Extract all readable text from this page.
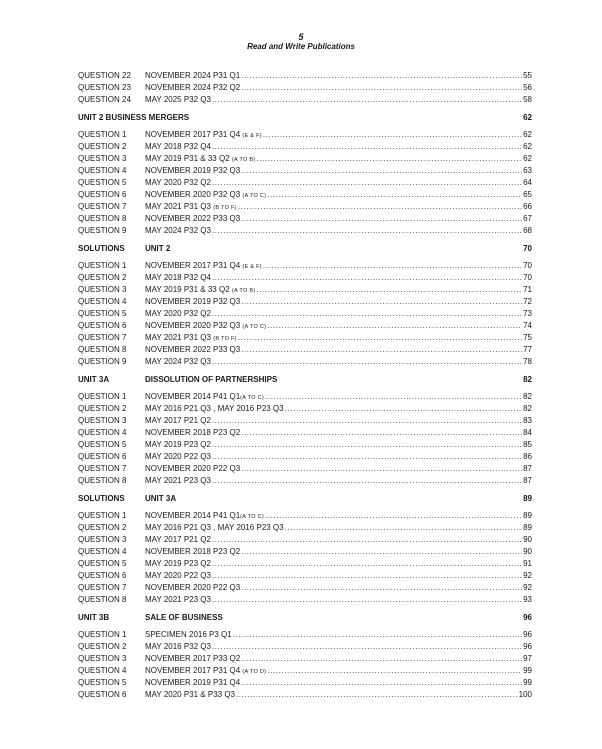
5
Read and Write Publications
QUESTION 22	NOVEMBER 2024 P31 Q1 .....	55
QUESTION 23	NOVEMBER 2024 P32 Q2 .....	56
QUESTION 24	MAY 2025 P32 Q3 .....	58
UNIT 2 BUSINESS MERGERS	62
QUESTION 1	NOVEMBER 2017 P31 Q4 (E & F) .....	62
QUESTION 2	MAY 2018 P32 Q4 .....	62
QUESTION 3	MAY 2019 P31 & 33 Q2 (A TO B) .....	62
QUESTION 4	NOVEMBER 2019 P32 Q3 .....	63
QUESTION 5	MAY 2020 P32 Q2 .....	64
QUESTION 6	NOVEMBER 2020 P32 Q3 (A TO C) .....	65
QUESTION 7	MAY 2021 P31 Q3 (B TO F) .....	66
QUESTION 8	NOVEMBER 2022 P33 Q3 .....	67
QUESTION 9	MAY 2024 P32 Q3 .....	68
SOLUTIONS	UNIT 2	70
QUESTION 1	NOVEMBER 2017 P31 Q4 (E & F) .....	70
QUESTION 2	MAY 2018 P32 Q4 .....	70
QUESTION 3	MAY 2019 P31 & 33 Q2 (A TO B) .....	71
QUESTION 4	NOVEMBER 2019 P32 Q3 .....	72
QUESTION 5	MAY 2020 P32 Q2 .....	73
QUESTION 6	NOVEMBER 2020 P32 Q3 (A TO C) .....	74
QUESTION 7	MAY 2021 P31 Q3 (B TO F) .....	75
QUESTION 8	NOVEMBER 2022 P33 Q3 .....	77
QUESTION 9	MAY 2024 P32 Q3 .....	78
UNIT 3A	DISSOLUTION OF PARTNERSHIPS	82
QUESTION 1	NOVEMBER 2014 P41 Q1(A TO C) .....	82
QUESTION 2	MAY 2016 P21 Q3 , MAY 2016 P23 Q3 .....	82
QUESTION 3	MAY 2017 P21 Q2 .....	83
QUESTION 4	NOVEMBER 2018 P23 Q2 .....	84
QUESTION 5	MAY 2019 P23 Q2 .....	85
QUESTION 6	MAY 2020 P22 Q3 .....	86
QUESTION 7	NOVEMBER 2020 P22 Q3 .....	87
QUESTION 8	MAY 2021 P23 Q3 .....	87
SOLUTIONS	UNIT 3A	89
QUESTION 1	NOVEMBER 2014 P41 Q1(A TO C) .....	89
QUESTION 2	MAY 2016 P21 Q3 , MAY 2016 P23 Q3 .....	89
QUESTION 3	MAY 2017 P21 Q2 .....	90
QUESTION 4	NOVEMBER 2018 P23 Q2 .....	90
QUESTION 5	MAY 2019 P23 Q2 .....	91
QUESTION 6	MAY 2020 P22 Q3 .....	92
QUESTION 7	NOVEMBER 2020 P22 Q3 .....	92
QUESTION 8	MAY 2021 P23 Q3 .....	93
UNIT 3B	SALE OF BUSINESS	96
QUESTION 1	SPECIMEN 2016 P3 Q1 .....	96
QUESTION 2	MAY 2016 P32 Q3 .....	96
QUESTION 3	NOVEMBER 2017 P33 Q2 .....	97
QUESTION 4	NOVEMBER 2017 P31 Q4 (A TO D) .....	99
QUESTION 5	NOVEMBER 2019 P31 Q4 .....	99
QUESTION 6	MAY 2020 P31 & P33 Q3 .....	100
